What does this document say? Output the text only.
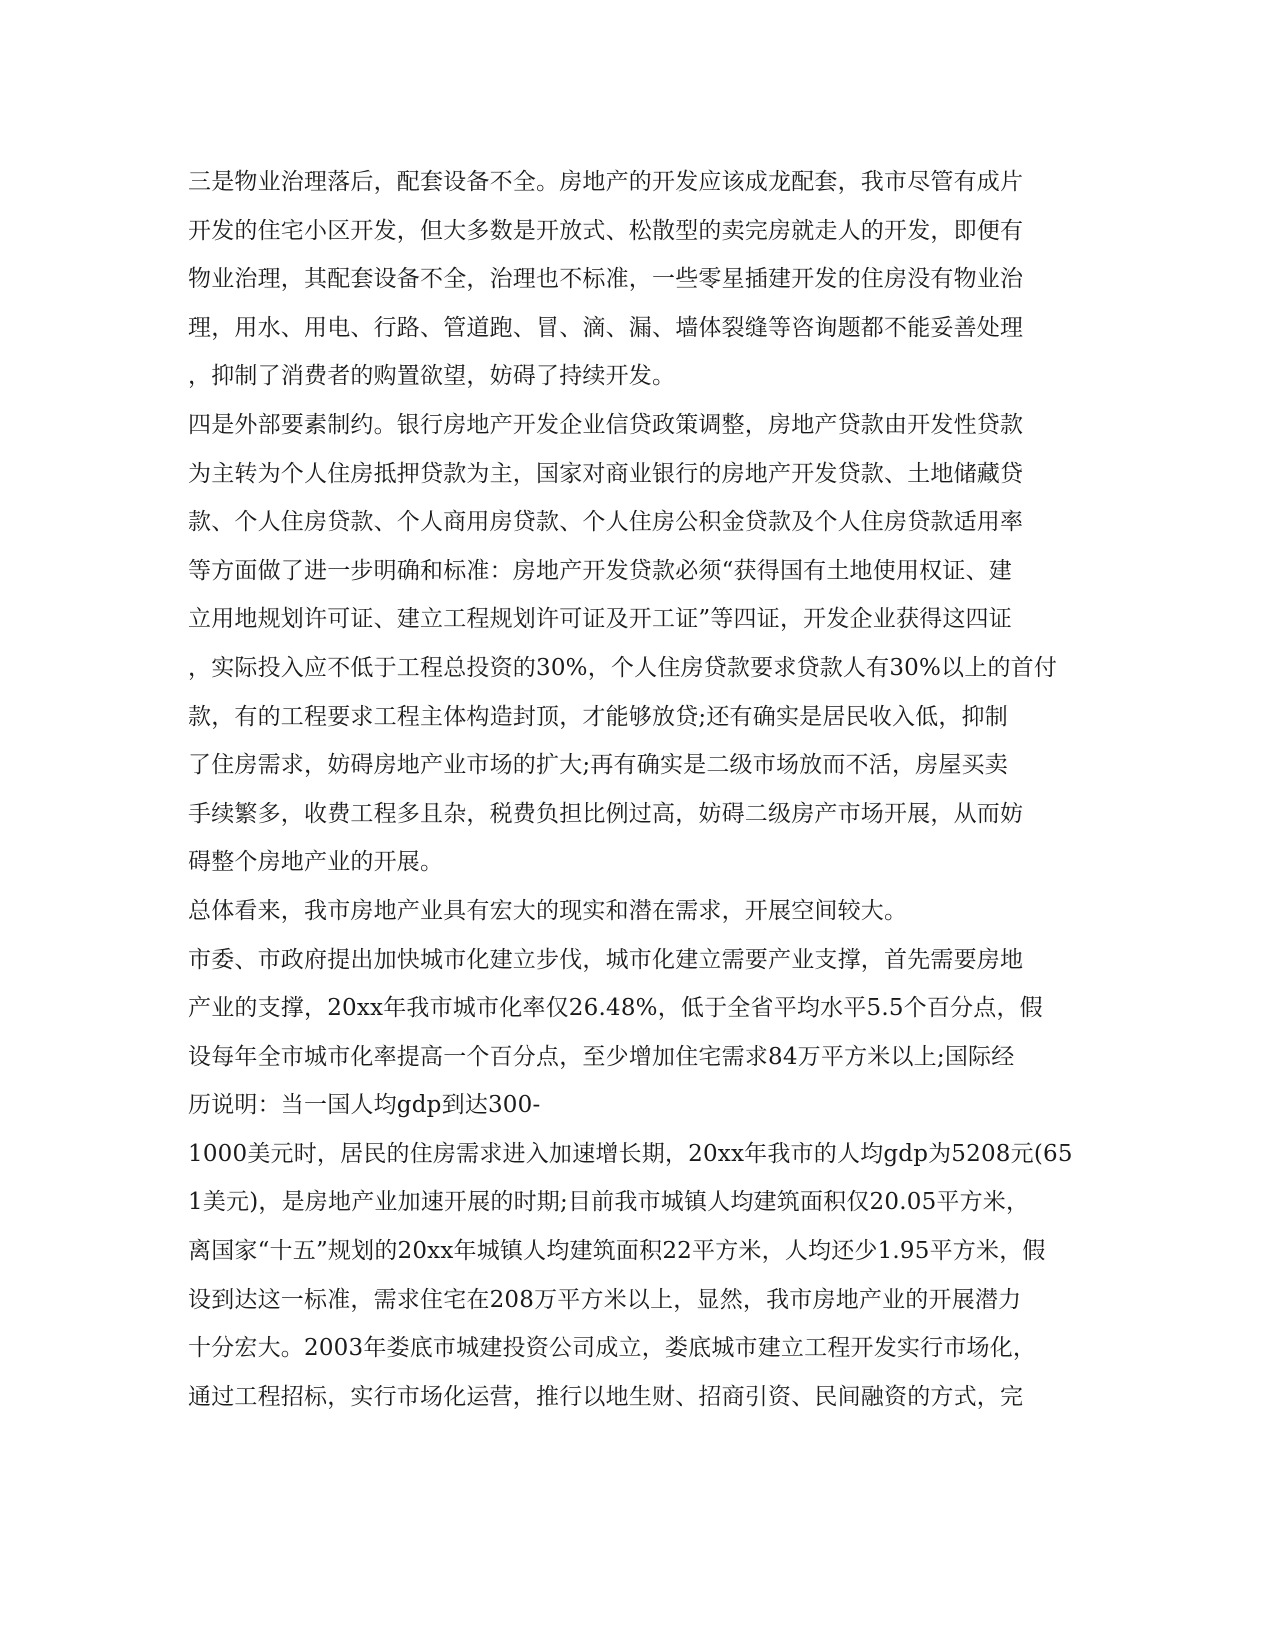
三是物业治理落后，配套设备不全。房地产的开发应该成龙配套，我市尽管有成片
开发的住宅小区开发，但大多数是开放式、松散型的卖完房就走人的开发，即便有
物业治理，其配套设备不全，治理也不标准，一些零星插建开发的住房没有物业治
理，用水、用电、行路、管道跑、冒、滴、漏、墙体裂缝等咨询题都不能妥善处理
，抑制了消费者的购置欲望，妨碍了持续开发。
四是外部要素制约。银行房地产开发企业信贷政策调整，房地产贷款由开发性贷款
为主转为个人住房抵押贷款为主，国家对商业银行的房地产开发贷款、土地储藏贷
款、个人住房贷款、个人商用房贷款、个人住房公积金贷款及个人住房贷款适用率
等方面做了进一步明确和标准：房地产开发贷款必须“获得国有土地使用权证、建
立用地规划许可证、建立工程规划许可证及开工证”等四证，开发企业获得这四证
，实际投入应不低于工程总投资的30%，个人住房贷款要求贷款人有30%以上的首付
款，有的工程要求工程主体构造封顶，才能够放贷;还有确实是居民收入低，抑制
了住房需求，妨碍房地产业市场的扩大;再有确实是二级市场放而不活，房屋买卖
手续繁多，收费工程多且杂，税费负担比例过高，妨碍二级房产市场开展，从而妨
碍整个房地产业的开展。
总体看来，我市房地产业具有宏大的现实和潜在需求，开展空间较大。
市委、市政府提出加快城市化建立步伐，城市化建立需要产业支撑，首先需要房地
产业的支撑，20xx年我市城市化率仅26.48%，低于全省平均水平5.5个百分点，假
设每年全市城市化率提高一个百分点，至少增加住宅需求84万平方米以上;国际经
历说明：当一国人均gdp到达300-
1000美元时，居民的住房需求进入加速增长期，20xx年我市的人均gdp为5208元(65
1美元)，是房地产业加速开展的时期;目前我市城镇人均建筑面积仅20.05平方米，
离国家“十五”规划的20xx年城镇人均建筑面积22平方米，人均还少1.95平方米，假
设到达这一标准，需求住宅在208万平方米以上，显然，我市房地产业的开展潜力
十分宏大。2003年娄底市城建投资公司成立，娄底城市建立工程开发实行市场化，
通过工程招标，实行市场化运营，推行以地生财、招商引资、民间融资的方式，完
